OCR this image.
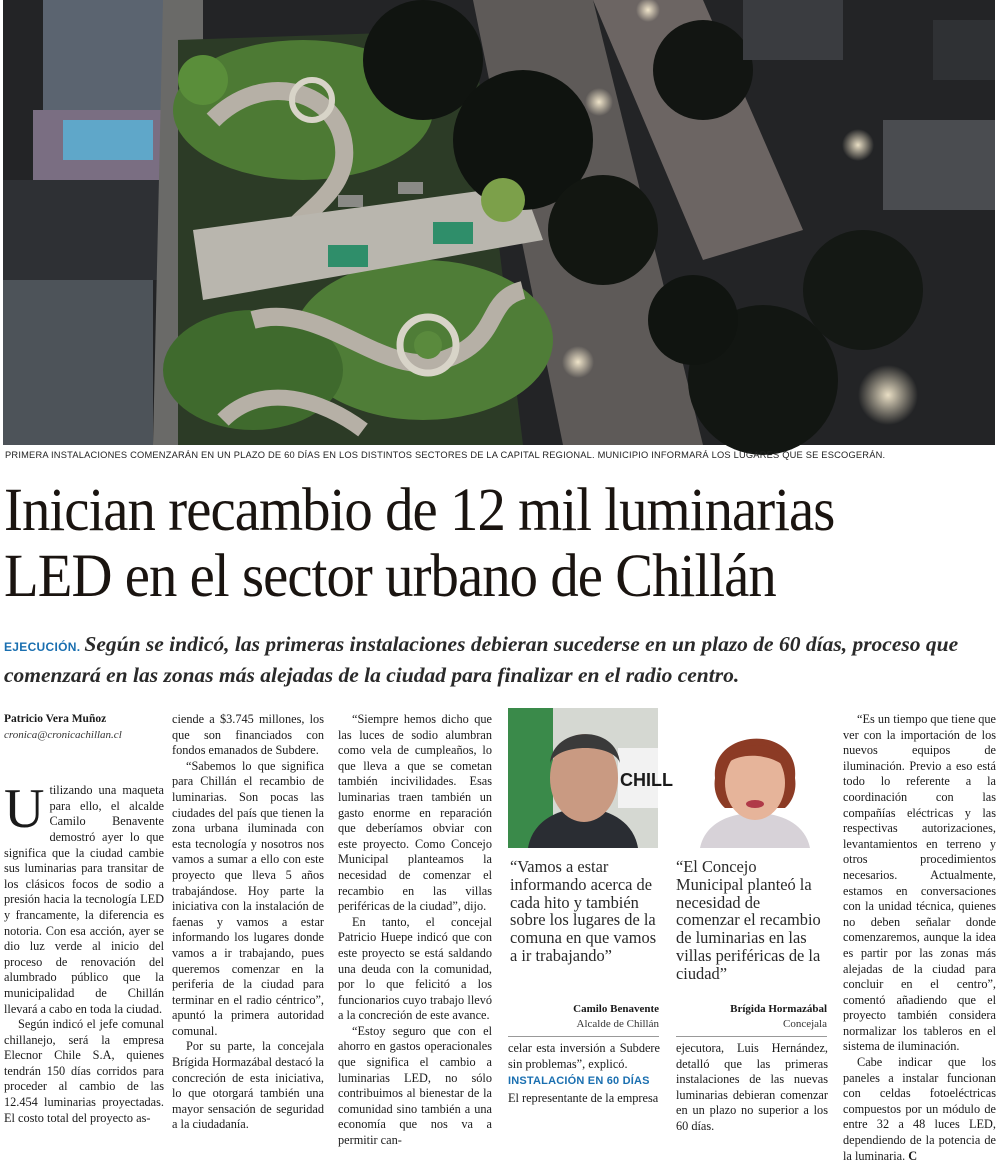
PRIMERA INSTALACIONES COMENZARÁN EN UN PLAZO DE 60 DÍAS EN LOS DISTINTOS SECTORES DE LA CAPITAL REGIONAL. MUNICIPIO INFORMARÁ LOS LUGARES QUE SE ESCOGERÁN.
Inician recambio de 12 mil luminarias
LED en el sector urbano de Chillán
EJECUCIÓN. Según se indicó, las primeras instalaciones debieran sucederse en un plazo de 60 días, proceso que comenzará en las zonas más alejadas de la ciudad para finalizar en el radio centro.
Patricio Vera Muñoz
cronica@cronicachillan.cl

Utilizando una maqueta para ello, el alcalde Camilo Benavente demostró ayer lo que significa que la ciudad cambie sus luminarias para transitar de los clásicos focos de sodio a presión hacia la tecnología LED y francamente, la diferencia es notoria. Con esa acción, ayer se dio luz verde al inicio del proceso de renovación del alumbrado público que la municipalidad de Chillán llevará a cabo en toda la ciudad.

Según indicó el jefe comunal chillanejo, será la empresa Elecnor Chile S.A, quienes tendrán 150 días corridos para proceder al cambio de las 12.454 luminarias proyectadas. El costo total del proyecto as-

ciende a $3.745 millones, los que son financiados con fondos emanados de Subdere.

“Sabemos lo que significa para Chillán el recambio de luminarias. Son pocas las ciudades del país que tienen la zona urbana iluminada con esta tecnología y nosotros nos vamos a sumar a ello con este proyecto que lleva 5 años trabajándose. Hoy parte la iniciativa con la instalación de faenas y vamos a estar informando los lugares donde vamos a ir trabajando, pues queremos comenzar en la periferia de la ciudad para terminar en el radio céntrico”, apuntó la primera autoridad comunal.

Por su parte, la concejala Brígida Hormazábal destacó la concreción de esta iniciativa, lo que otorgará también una mayor sensación de seguridad a la ciudadanía.

“Siempre hemos dicho que las luces de sodio alumbran como vela de cumpleaños, lo que lleva a que se cometan también incivilidades. Esas luminarias traen también un gasto enorme en reparación que deberíamos obviar con este proyecto. Como Concejo Municipal planteamos la necesidad de comenzar el recambio en las villas periféricas de la ciudad”, dijo.

En tanto, el concejal Patricio Huepe indicó que con este proyecto se está saldando una deuda con la comunidad, por lo que felicitó a los funcionarios cuyo trabajo llevó a la concreción de este avance.

“Estoy seguro que con el ahorro en gastos operacionales que significa el cambio a luminarias LED, no sólo contribuimos al bienestar de la comunidad sino también a una economía que nos va a permitir can-

CHILL
“Vamos a estar informando acerca de cada hito y también sobre los lugares de la comuna en que vamos a ir trabajando”
Camilo Benavente
Alcalde de Chillán
“El Concejo Municipal planteó la necesidad de comenzar el recambio de luminarias en las villas periféricas de la ciudad”
Brígida Hormazábal
Concejala

celar esta inversión a Subdere sin problemas”, explicó.

INSTALACIÓN EN 60 DÍAS

El representante de la empresa

ejecutora, Luis Hernández, detalló que las primeras instalaciones de las nuevas luminarias debieran comenzar en un plazo no superior a los 60 días.

“Es un tiempo que tiene que ver con la importación de los nuevos equipos de iluminación. Previo a eso está todo lo referente a la coordinación con las compañías eléctricas y las respectivas autorizaciones, levantamientos en terreno y otros procedimientos necesarios. Actualmente, estamos en conversaciones con la unidad técnica, quienes no deben señalar donde comenzaremos, aunque la idea es partir por las zonas más alejadas de la ciudad para concluir en el centro”, comentó añadiendo que el proyecto también considera normalizar los tableros en el sistema de iluminación.

Cabe indicar que los paneles a instalar funcionan con celdas fotoeléctricas compuestos por un módulo de entre 32 a 48 luces LED, dependiendo de la potencia de la luminaria. C
